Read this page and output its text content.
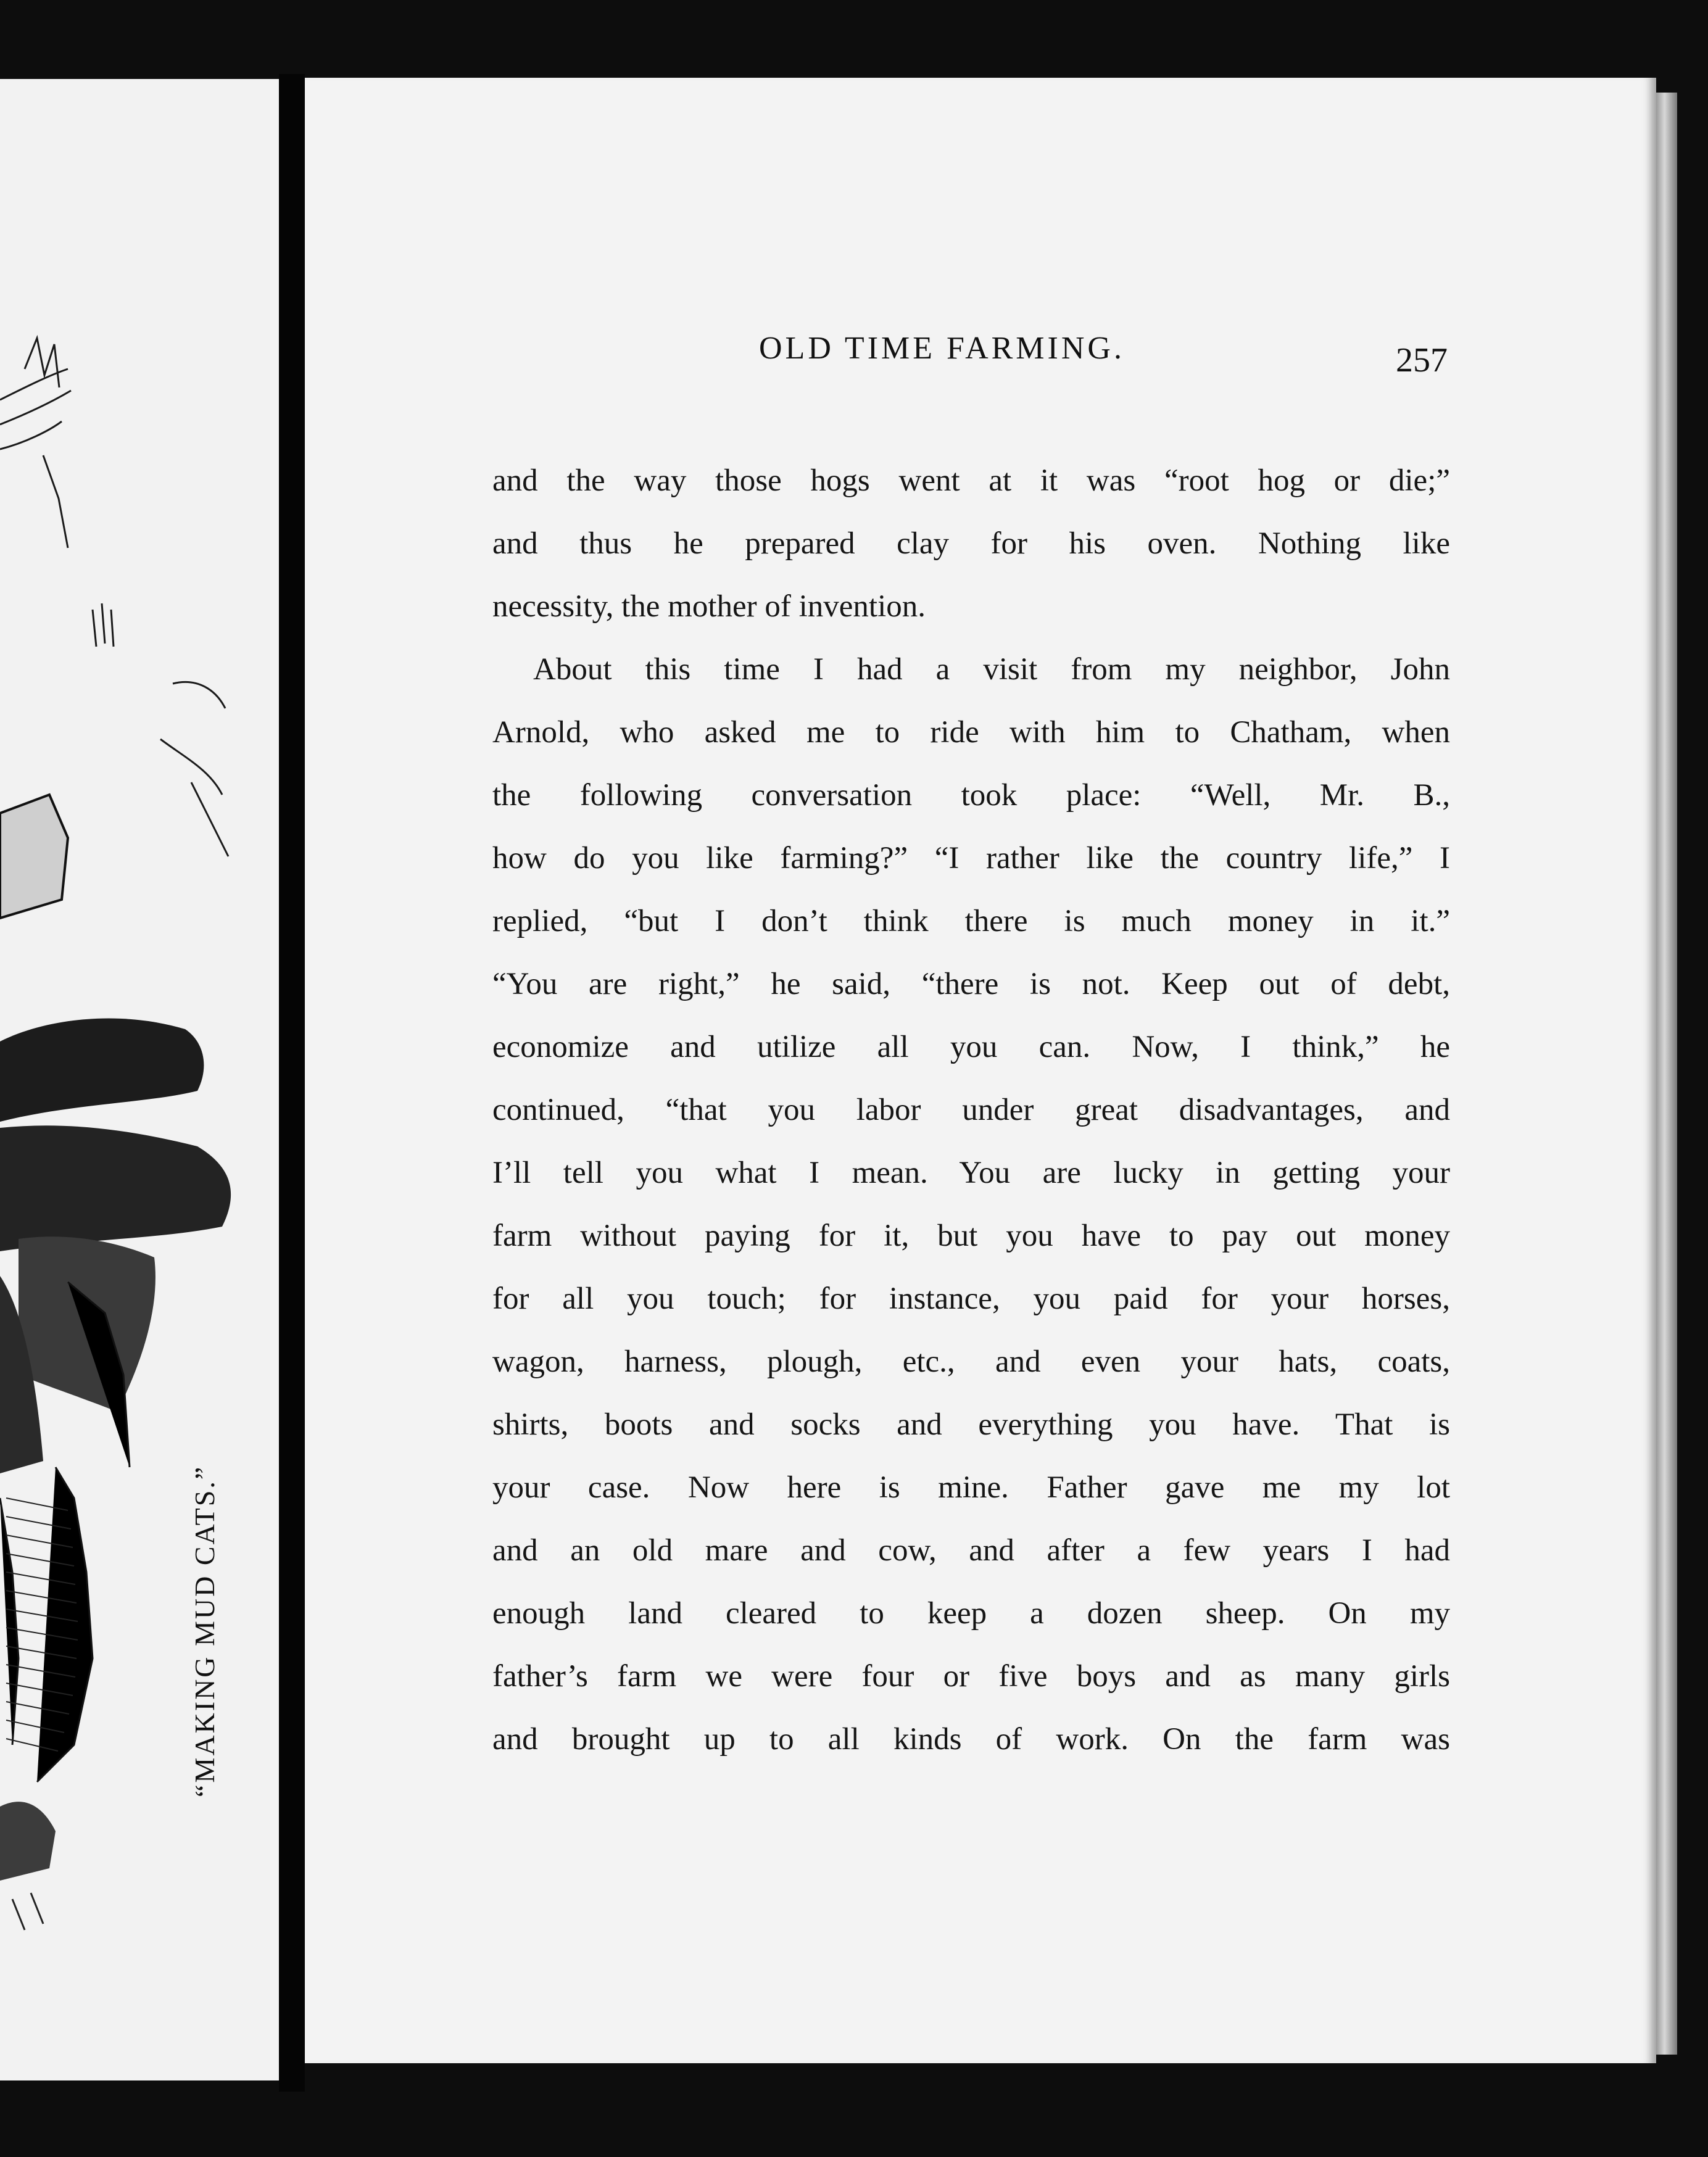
“MAKING MUD CATS.”
OLD TIME FARMING.	257
and the way those hogs went at it was “root hog or die;”
and thus he prepared clay for his oven. Nothing like
necessity, the mother of invention.
About this time I had a visit from my neighbor, John
Arnold, who asked me to ride with him to Chatham, when
the following conversation took place: “Well, Mr. B.,
how do you like farming?” “I rather like the country life,” I
replied, “but I don’t think there is much money in it.”
“You are right,” he said, “there is not. Keep out of debt,
economize and utilize all you can. Now, I think,” he
continued, “that you labor under great disadvantages, and
I’ll tell you what I mean. You are lucky in getting your
farm without paying for it, but you have to pay out money
for all you touch; for instance, you paid for your horses,
wagon, harness, plough, etc., and even your hats, coats,
shirts, boots and socks and everything you have. That is
your case. Now here is mine. Father gave me my lot
and an old mare and cow, and after a few years I had
enough land cleared to keep a dozen sheep. On my
father’s farm we were four or five boys and as many girls
and brought up to all kinds of work. On the farm was
